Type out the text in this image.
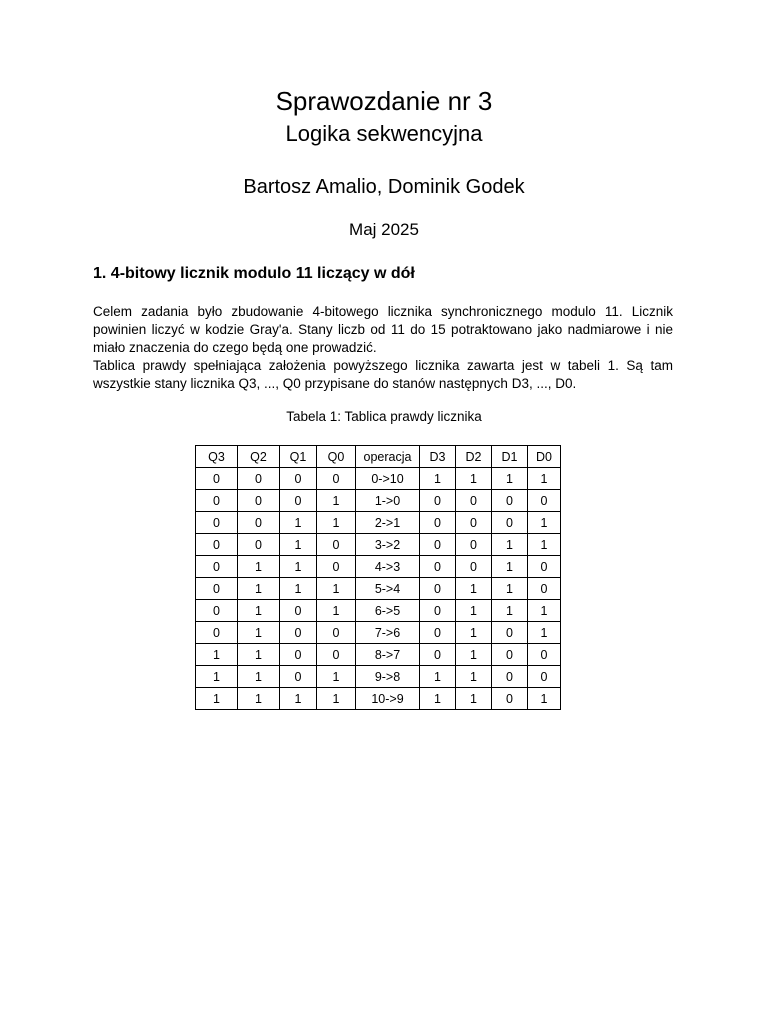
Sprawozdanie nr 3
Logika sekwencyjna
Bartosz Amalio, Dominik Godek
Maj 2025
1. 4-bitowy licznik modulo 11 liczący w dół
Celem zadania było zbudowanie 4-bitowego licznika synchronicznego modulo 11. Licznik powinien liczyć w kodzie Gray'a. Stany liczb od 11 do 15 potraktowano jako nadmiarowe i nie miało znaczenia do czego będą one prowadzić.
Tablica prawdy spełniająca założenia powyższego licznika zawarta jest w tabeli 1. Są tam wszystkie stany licznika Q3, ..., Q0 przypisane do stanów następnych D3, ..., D0.
Tabela 1: Tablica prawdy licznika
Q3	Q2	Q1	Q0	operacja	D3	D2	D1	D0
0	0	0	0	0->10	1	1	1	1
0	0	0	1	1->0	0	0	0	0
0	0	1	1	2->1	0	0	0	1
0	0	1	0	3->2	0	0	1	1
0	1	1	0	4->3	0	0	1	0
0	1	1	1	5->4	0	1	1	0
0	1	0	1	6->5	0	1	1	1
0	1	0	0	7->6	0	1	0	1
1	1	0	0	8->7	0	1	0	0
1	1	0	1	9->8	1	1	0	0
1	1	1	1	10->9	1	1	0	1
